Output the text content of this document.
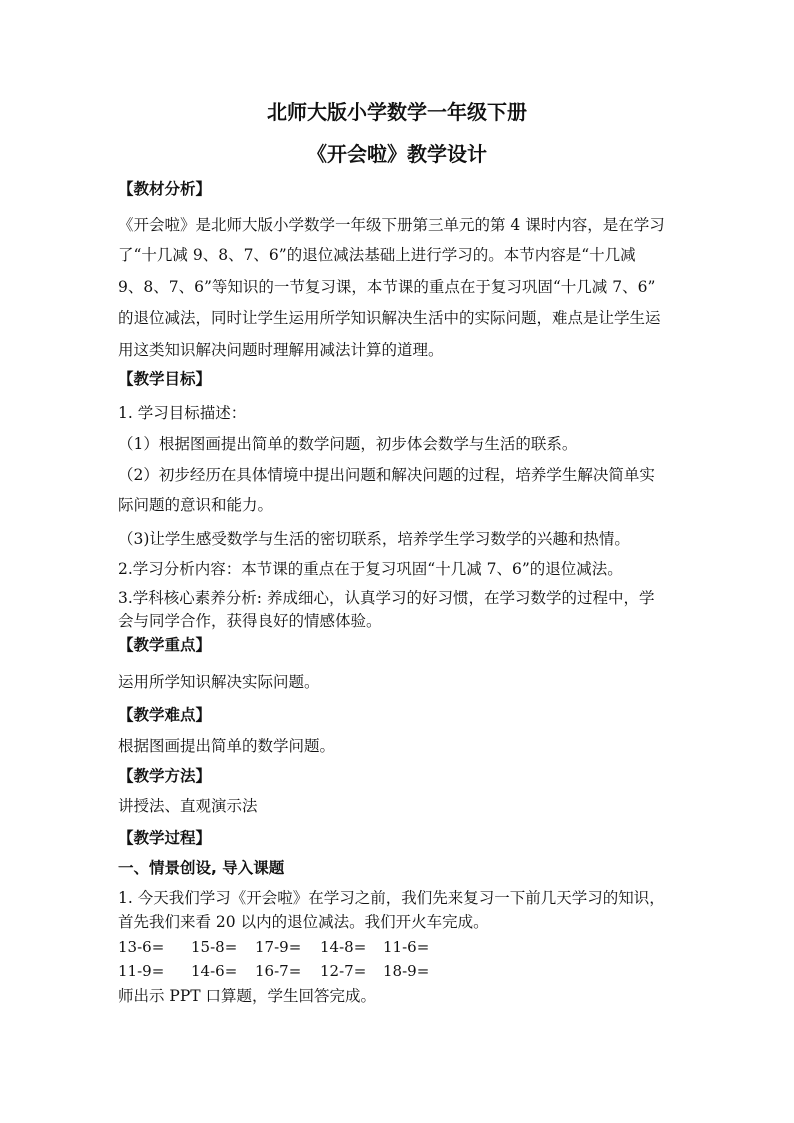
北师大版小学数学一年级下册
《开会啦》教学设计
【教材分析】
《开会啦》是北师大版小学数学一年级下册第三单元的第 4 课时内容，是在学习
了“十几减 9、8、7、6”的退位减法基础上进行学习的。本节内容是“十几减
9、8、7、6”等知识的一节复习课，本节课的重点在于复习巩固“十几减 7、6”
的退位减法，同时让学生运用所学知识解决生活中的实际问题，难点是让学生运
用这类知识解决问题时理解用减法计算的道理。
【教学目标】
1. 学习目标描述：
（1）根据图画提出简单的数学问题，初步体会数学与生活的联系。
（2）初步经历在具体情境中提出问题和解决问题的过程，培养学生解决简单实
际问题的意识和能力。
（3)让学生感受数学与生活的密切联系，培养学生学习数学的兴趣和热情。
2.学习分析内容：本节课的重点在于复习巩固“十几减 7、6”的退位减法。
3.学科核心素养分析: 养成细心，认真学习的好习惯，在学习数学的过程中，学
会与同学合作，获得良好的情感体验。
【教学重点】
运用所学知识解决实际问题。
【教学难点】
根据图画提出简单的数学问题。
【教学方法】
讲授法、直观演示法
【教学过程】
一、情景创设, 导入课题
1. 今天我们学习《开会啦》在学习之前，我们先来复习一下前几天学习的知识，
首先我们来看 20 以内的退位减法。我们开火车完成。
13-6= 15-8= 17-9= 14-8= 11-6=
11-9= 14-6= 16-7= 12-7= 18-9=
师出示 PPT 口算题，学生回答完成。
